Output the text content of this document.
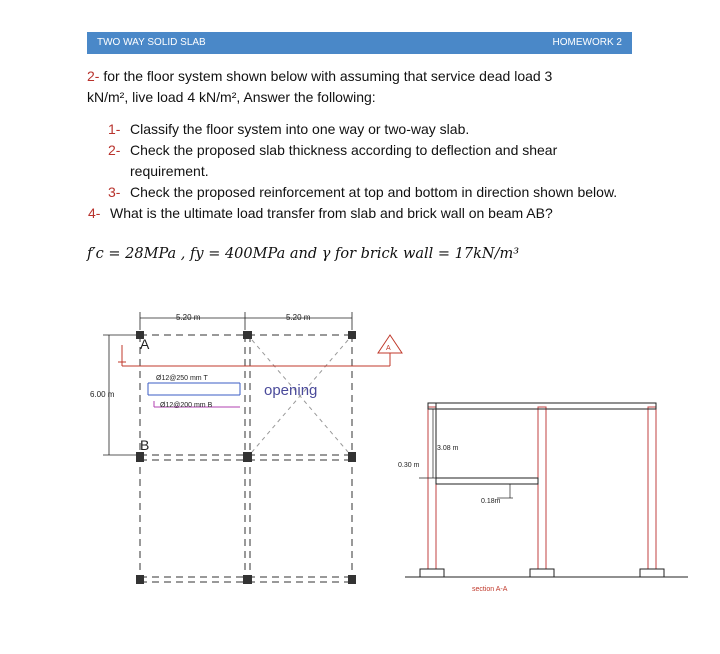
TWO WAY SOLID SLAB	HOMEWORK 2
2- for the floor system shown below with assuming that service dead load 3
kN/m², live load 4 kN/m², Answer the following:
1- Classify the floor system into one way or two-way slab.
2- Check the proposed slab thickness according to deflection and shear requirement.
3- Check the proposed reinforcement at top and bottom in direction shown below.
4- What is the ultimate load transfer from slab and brick wall on beam AB?
f′c = 28MPa , fy = 400MPa and γ for brick wall = 17kN/m³
5.20 m	5.20 m
6.00 m
A
B
Ø12@250 mm T
Ø12@200 mm B
opening
A
3.08 m
0.30 m
0.18m
section A-A
